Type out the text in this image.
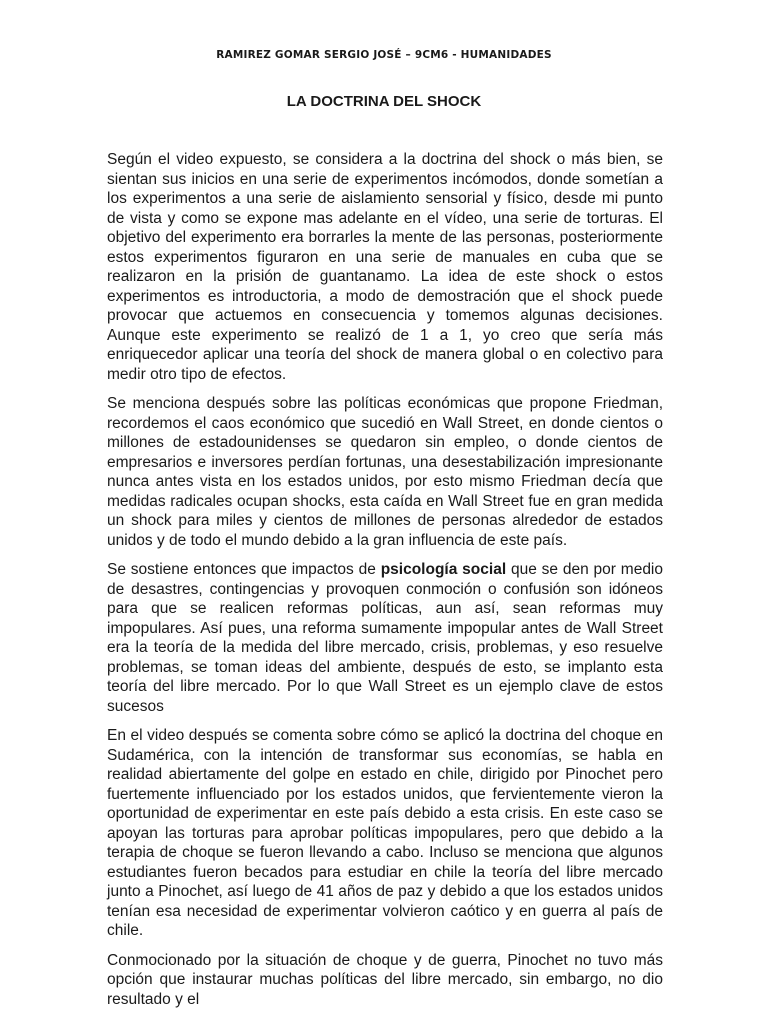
RAMIREZ GOMAR SERGIO JOSÉ – 9CM6 - HUMANIDADES
LA DOCTRINA DEL SHOCK

Según el video expuesto, se considera a la doctrina del shock o más bien, se sientan sus inicios en una serie de experimentos incómodos, donde sometían a los experimentos a una serie de aislamiento sensorial y físico, desde mi punto de vista y como se expone mas adelante en el vídeo, una serie de torturas. El objetivo del experimento era borrarles la mente de las personas, posteriormente estos experimentos figuraron en una serie de manuales en cuba que se realizaron en la prisión de guantanamo. La idea de este shock o estos experimentos es introductoria, a modo de demostración que el shock puede provocar que actuemos en consecuencia y tomemos algunas decisiones. Aunque este experimento se realizó de 1 a 1, yo creo que sería más enriquecedor aplicar una teoría del shock de manera global o en colectivo para medir otro tipo de efectos.

Se menciona después sobre las políticas económicas que propone Friedman, recordemos el caos económico que sucedió en Wall Street, en donde cientos o millones de estadounidenses se quedaron sin empleo, o donde cientos de empresarios e inversores perdían fortunas, una desestabilización impresionante nunca antes vista en los estados unidos, por esto mismo Friedman decía que medidas radicales ocupan shocks, esta caída en Wall Street fue en gran medida un shock para miles y cientos de millones de personas alrededor de estados unidos y de todo el mundo debido a la gran influencia de este país.

Se sostiene entonces que impactos de psicología social que se den por medio de desastres, contingencias y provoquen conmoción o confusión son idóneos para que se realicen reformas políticas, aun así, sean reformas muy impopulares. Así pues, una reforma sumamente impopular antes de Wall Street era la teoría de la medida del libre mercado, crisis, problemas, y eso resuelve problemas, se toman ideas del ambiente, después de esto, se implanto esta teoría del libre mercado. Por lo que Wall Street es un ejemplo clave de estos sucesos

En el video después se comenta sobre cómo se aplicó la doctrina del choque en Sudamérica, con la intención de transformar sus economías, se habla en realidad abiertamente del golpe en estado en chile, dirigido por Pinochet pero fuertemente influenciado por los estados unidos, que fervientemente vieron la oportunidad de experimentar en este país debido a esta crisis. En este caso se apoyan las torturas para aprobar políticas impopulares, pero que debido a la terapia de choque se fueron llevando a cabo. Incluso se menciona que algunos estudiantes fueron becados para estudiar en chile la teoría del libre mercado junto a Pinochet, así luego de 41 años de paz y debido a que los estados unidos tenían esa necesidad de experimentar volvieron caótico y en guerra al país de chile.

Conmocionado por la situación de choque y de guerra, Pinochet no tuvo más opción que instaurar muchas políticas del libre mercado, sin embargo, no dio resultado y el
